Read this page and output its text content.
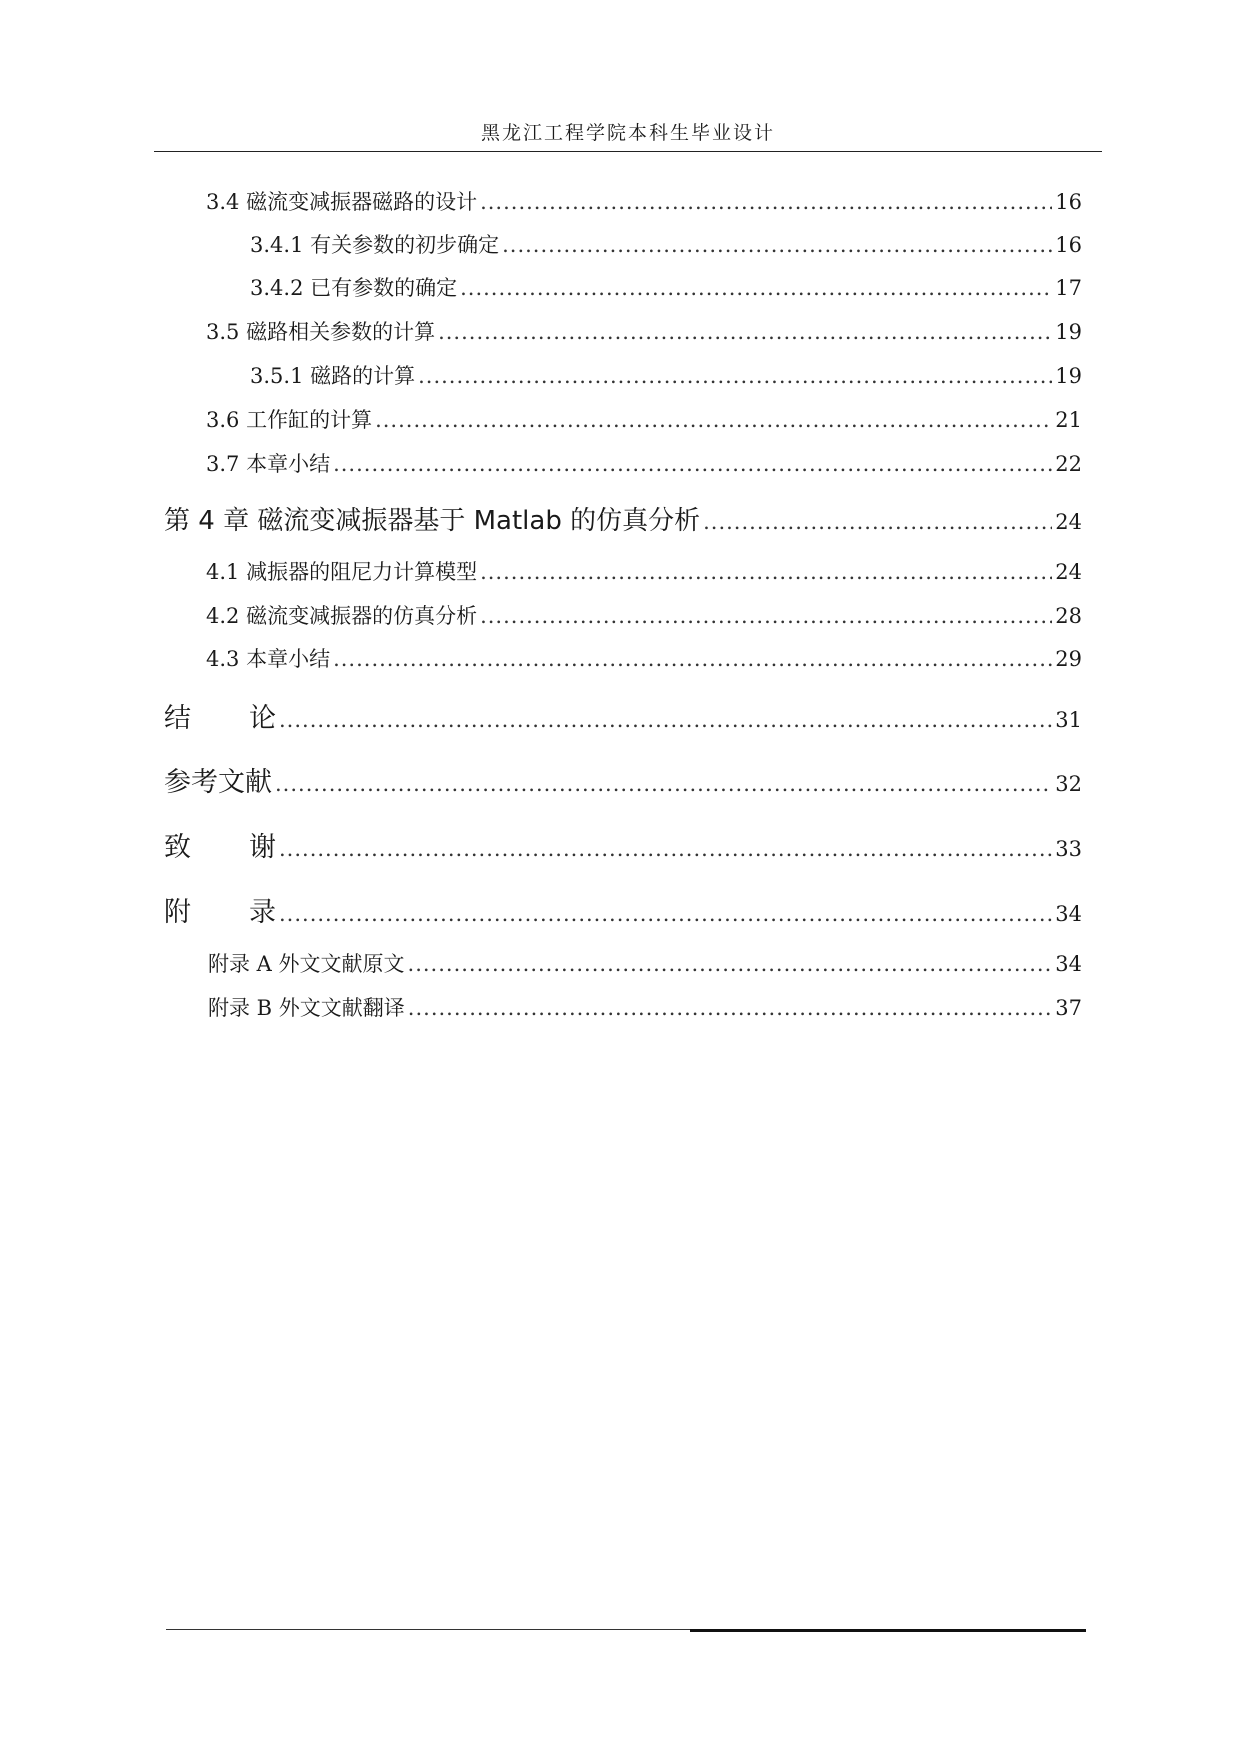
黑龙江工程学院本科生毕业设计
3.4 磁流变减振器磁路的设计 .....	16
3.4.1 有关参数的初步确定 .....	16
3.4.2 已有参数的确定 .....	17
3.5 磁路相关参数的计算 .....	19
3.5.1 磁路的计算 .....	19
3.6 工作缸的计算 .....	21
3.7 本章小结 .....	22
第 4 章 磁流变减振器基于 Matlab 的仿真分析 .....	24
4.1 减振器的阻尼力计算模型 .....	24
4.2 磁流变减振器的仿真分析 .....	28
4.3 本章小结 .....	29
结 论 .....	31
参考文献 .....	32
致 谢 .....	33
附 录 .....	34
附录 A 外文文献原文 .....	34
附录 B 外文文献翻译 .....	37
